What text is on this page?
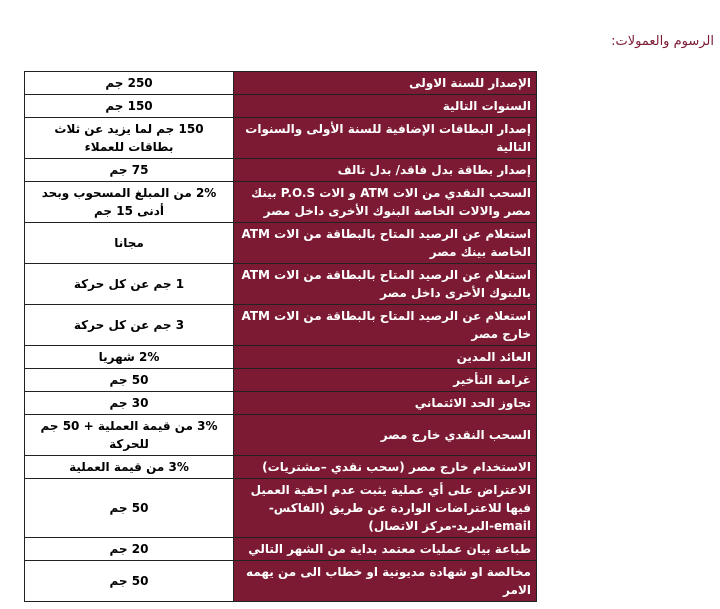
الرسوم والعمولات:
الإصدار للسنة الاولى	250 جم
السنوات التالية	150 جم
إصدار البطاقات الإضافية للسنة الأولى والسنوات التالية	150 جم لما يزيد عن ثلاث بطاقات للعملاء
إصدار بطاقة بدل فاقد/ بدل تالف	75 جم
السحب النقدي من الات ATM و الات P.O.S بينك مصر والالات الخاصة البنوك الأخرى داخل مصر	2% من المبلغ المسحوب وبحد أدنى 15 جم
استعلام عن الرصيد المتاح بالبطاقة من الات ATM الخاصة بينك مصر	مجانا
استعلام عن الرصيد المتاح بالبطاقة من الات ATM بالبنوك الأخرى داخل مصر	1 جم عن كل حركة
استعلام عن الرصيد المتاح بالبطاقة من الات ATM خارج مصر	3 جم عن كل حركة
العائد المدين	2% شهريا
غرامة التأخير	50 جم
تجاوز الحد الائتماني	30 جم
السحب النقدي خارج مصر	3% من قيمة العملية + 50 جم للحركة
الاستخدام خارج مصر (سحب نقدي –مشتريات)	3% من قيمة العملية
الاعتراض على أي عملية يثبت عدم احقية العميل فيها للاعتراضات الواردة عن طريق (الفاكس-email-البريد-مركز الاتصال)	50 جم
طباعة بيان عمليات معتمد بداية من الشهر التالي	20 جم
مخالصة او شهادة مديونية او خطاب الى من يهمه الامر	50 جم
